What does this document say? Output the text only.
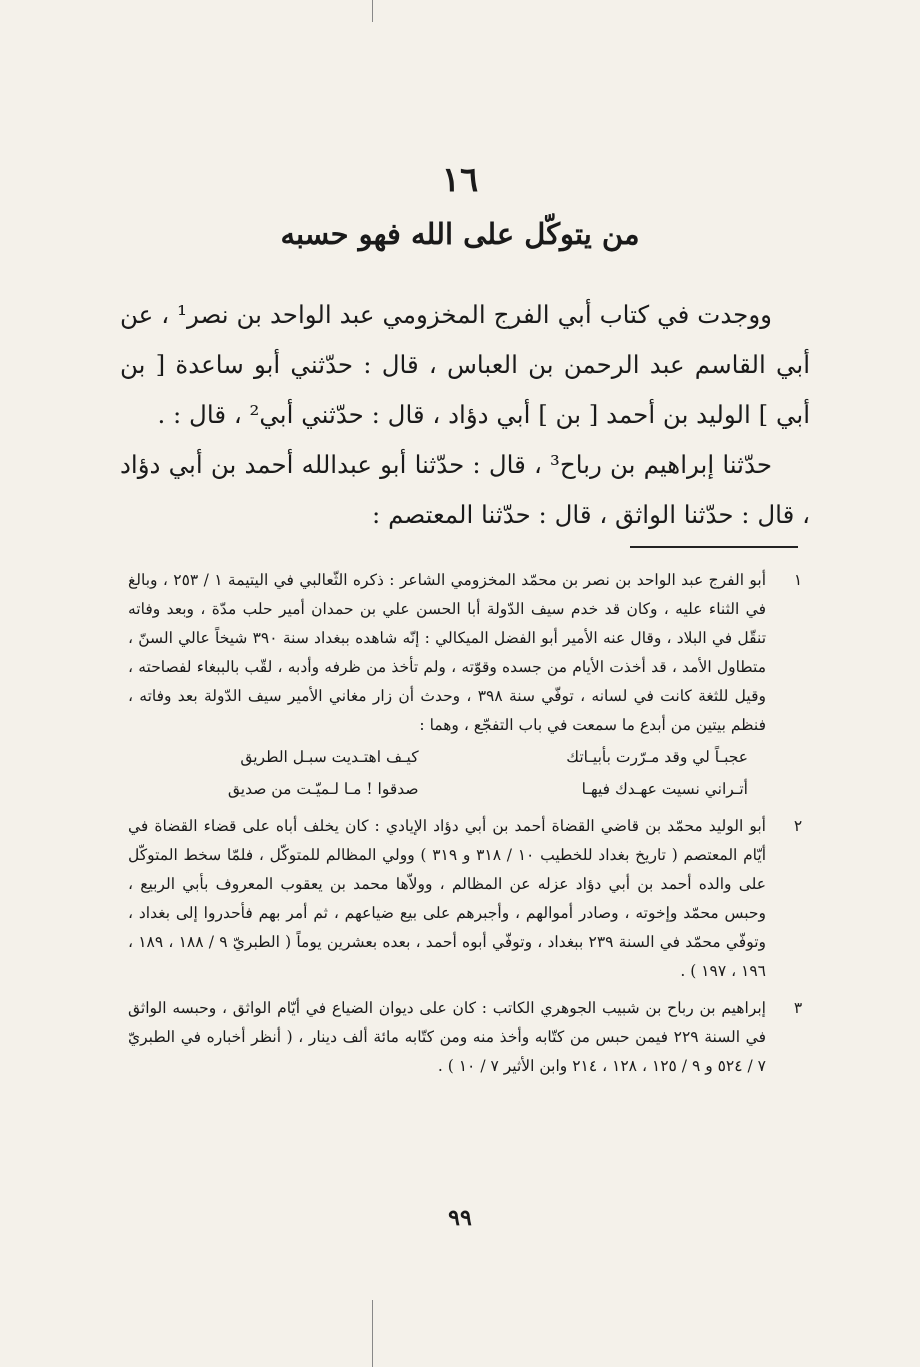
١٦
من يتوكّل على الله فهو حسبه

ووجدت في كتاب أبي الفرج المخزومي عبد الواحد بن نصر¹ ، عن أبي القاسم عبد الرحمن بن العباس ، قال : حدّثني أبو ساعدة [ بن أبي ] الوليد بن أحمد [ بن ] أبي دؤاد ، قال : حدّثني أبي² ، قال : .

حدّثنا إبراهيم بن رباح³ ، قال : حدّثنا أبو عبدالله أحمد بن أبي دؤاد ، قال : حدّثنا الواثق ، قال : حدّثنا المعتصم :

١
أبو الفرج عبد الواحد بن نصر بن محمّد المخزومي الشاعر : ذكره الثّعالبي في اليتيمة ١ / ٢٥٣ ، وبالغ في الثناء عليه ، وكان قد خدم سيف الدّولة أبا الحسن علي بن حمدان أمير حلب مدّة ، وبعد وفاته تنقّل في البلاد ، وقال عنه الأمير أبو الفضل الميكالي : إنّه شاهده ببغداد سنة ٣٩٠ شيخاً عالي السنّ ، متطاول الأمد ، قد أخذت الأيام من جسده وقوّته ، ولم تأخذ من ظرفه وأدبه ، لقّب بالببغاء لفصاحته ، وقيل للثغة كانت في لسانه ، توفّي سنة ٣٩٨ ، وحدث أن زار مغاني الأمير سيف الدّولة بعد وفاته ، فنظم بيتين من أبدع ما سمعت في باب التفجّع ، وهما :
عجبـاً لي وقد مـرّرت بأبيـاتك
كيـف اهتـديت سبـل الطريق
أتـراني نسيت عهـدك فيهـا
صدقوا ! مـا لـميّـت من صديق
٢
أبو الوليد محمّد بن قاضي القضاة أحمد بن أبي دؤاد الإيادي : كان يخلف أباه على قضاء القضاة في أيّام المعتصم ( تاريخ بغداد للخطيب ١٠ / ٣١٨ و ٣١٩ ) وولي المظالم للمتوكّل ، فلمّا سخط المتوكّل على والده أحمد بن أبي دؤاد عزله عن المظالم ، وولاّها محمد بن يعقوب المعروف بأبي الربيع ، وحبس محمّد وإخوته ، وصادر أموالهم ، وأجبرهم على بيع ضياعهم ، ثم أمر بهم فأحدروا إلى بغداد ، وتوفّي محمّد في السنة ٢٣٩ ببغداد ، وتوفّي أبوه أحمد ، بعده بعشرين يوماً ( الطبريّ ٩ / ١٨٨ ، ١٨٩ ، ١٩٦ ، ١٩٧ ) .
٣
إبراهيم بن رباح بن شبيب الجوهري الكاتب : كان على ديوان الضياع في أيّام الواثق ، وحبسه الواثق في السنة ٢٢٩ فيمن حبس من كتّابه وأخذ منه ومن كتّابه مائة ألف دينار ، ( أنظر أخباره في الطبريّ ٧ / ٥٢٤ و ٩ / ١٢٥ ، ١٢٨ ، ٢١٤ وابن الأثير ٧ / ١٠ ) .
٩٩
